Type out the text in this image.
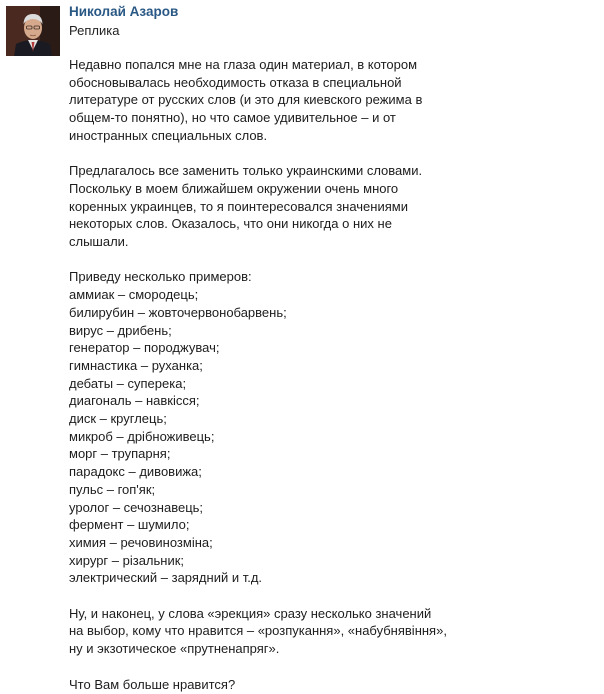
Николай Азаров
Реплика
Недавно попался мне на глаза один материал, в котором
обосновывалась необходимость отказа в специальной
литературе от русских слов (и это для киевского режима в
общем-то понятно), но что самое удивительное – и от
иностранных специальных слов.
Предлагалось все заменить только украинскими словами.
Поскольку в моем ближайшем окружении очень много
коренных украинцев, то я поинтересовался значениями
некоторых слов. Оказалось, что они никогда о них не
слышали.
Приведу несколько примеров:
аммиак – смородець;
билирубин – жовточервонобарвень;
вирус – дрибень;
генератор – породжувач;
гимнастика – руханка;
дебаты – суперека;
диагональ – навкісся;
диск – круглець;
микроб – дрібноживець;
морг – трупарня;
парадокс – дивовижа;
пульс – гоп'як;
уролог – сечознавець;
фермент – шумило;
химия – речовинозміна;
хирург – різальник;
электрический – зарядний и т.д.
Ну, и наконец, у слова «эрекция» сразу несколько значений
на выбор, кому что нравится – «розпукання», «набубнявіння»,
ну и экзотическое «прутненапряг».
Что Вам больше нравится?
